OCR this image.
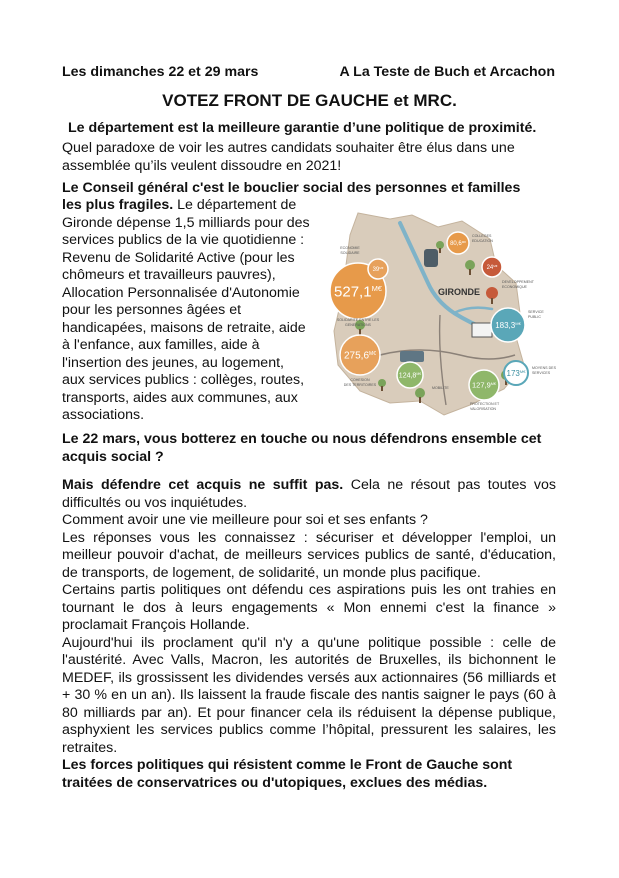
Les dimanches 22 et 29 mars	A La Teste de Buch et Arcachon
VOTEZ FRONT DE GAUCHE et MRC.
Le département est la meilleure garantie d’une politique de proximité.
Quel paradoxe de voir les autres candidats souhaiter être élus dans une assemblée qu’ils veulent dissoudre en 2021!
Le Conseil général c'est le bouclier social des personnes et familles
les plus fragiles. Le département de
Gironde dépense 1,5 milliards pour des
services publics de la vie quotidienne :
Revenu de Solidarité Active (pour les
chômeurs et travailleurs pauvres),
Allocation Personnalisée d'Autonomie
pour les personnes âgées et
handicapées, maisons de retraite, aide
à l'enfance, aux familles, aide à
l'insertion des jeunes, au logement,
aux services publics : collèges, routes,
transports, aides aux communes, aux
associations.
GIRONDE
$527,1^{M€}$
SOLIDARITE ENTRE LES
GENERATIONS
$275,6^{M€}$
COHESION
DES TERRITOIRES
$124,8^{M€}$
MOBILITE	$127,9^{M€}$
PROTECTION ET
VALORISATION
$183,3^{M€}$
SERVICE
PUBLIC
$173^{M€}$
MOYENS DES
SERVICES
$80,6^{M€}$
COLLEGES
EDUCATION
$39^{M€}$
ECONOMIE
SOLIDAIRE
$24^{M€}$
DEVELOPPEMENT
ECONOMIQUE
Le 22 mars, vous botterez en touche ou nous défendrons ensemble cet acquis social ?

Mais défendre cet acquis ne suffit pas. Cela ne résout pas toutes vos difficultés ou vos inquiétudes.

Comment avoir une vie meilleure pour soi et ses enfants ?

Les réponses vous les connaissez : sécuriser et développer l'emploi, un meilleur pouvoir d'achat, de meilleurs services publics de santé, d'éducation, de transports, de logement, de solidarité, un monde plus pacifique.

Certains partis politiques ont défendu ces aspirations puis les ont trahies en tournant le dos à leurs engagements « Mon ennemi c'est la finance » proclamait François Hollande.

Aujourd'hui ils proclament qu'il n'y a qu'une politique possible : celle de l'austérité. Avec Valls, Macron, les autorités de Bruxelles, ils bichonnent le MEDEF, ils grossissent les dividendes versés aux actionnaires (56 milliards et + 30 % en un an). Ils laissent la fraude fiscale des nantis saigner le pays (60 à 80 milliards par an). Et pour financer cela ils réduisent la dépense publique, asphyxient les services publics comme l’hôpital, pressurent les salaires, les retraites.

Les forces politiques qui résistent comme le Front de Gauche sont traitées de conservatrices ou d'utopiques, exclues des médias.
